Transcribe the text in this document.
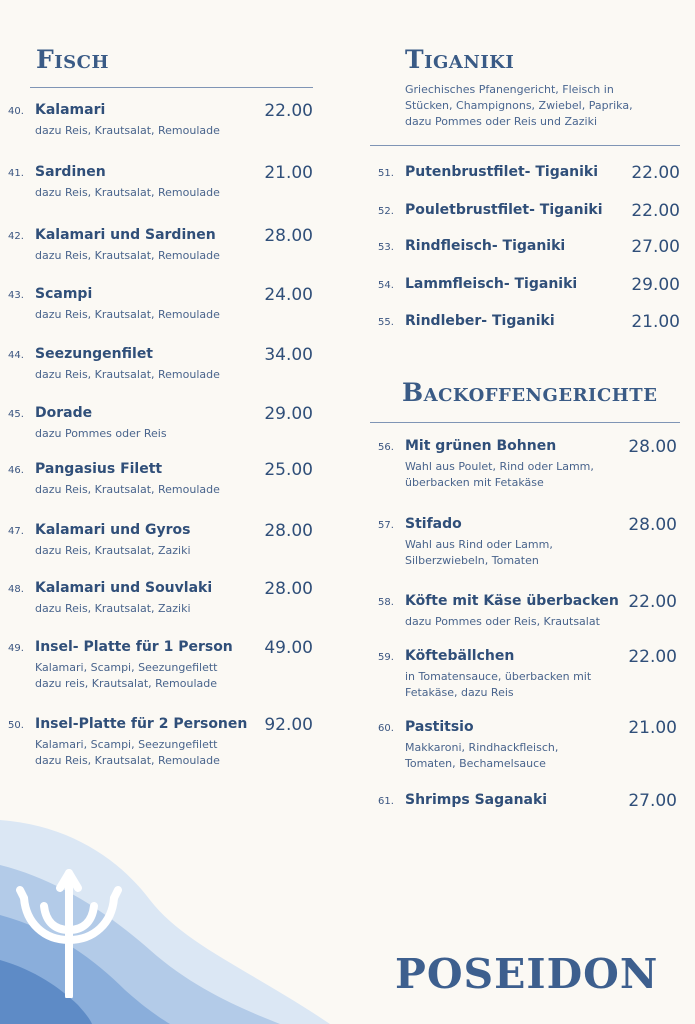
Fisch
40. Kalamari	22.00
dazu Reis, Krautsalat, Remoulade
41. Sardinen	21.00
dazu Reis, Krautsalat, Remoulade
42. Kalamari und Sardinen	28.00
dazu Reis, Krautsalat, Remoulade
43. Scampi	24.00
dazu Reis, Krautsalat, Remoulade
44. Seezungenfilet	34.00
dazu Reis, Krautsalat, Remoulade
45. Dorade	29.00
dazu Pommes oder Reis
46. Pangasius Filett	25.00
dazu Reis, Krautsalat, Remoulade
47. Kalamari und Gyros	28.00
dazu Reis, Krautsalat, Zaziki
48. Kalamari und Souvlaki	28.00
dazu Reis, Krautsalat, Zaziki
49. Insel- Platte für 1 Person 49.00
Kalamari, Scampi, Seezungefilett
dazu reis, Krautsalat, Remoulade
50. Insel-Platte für 2 Personen 92.00
Kalamari, Scampi, Seezungefilett
dazu Reis, Krautsalat, Remoulade
Tiganiki
Griechisches Pfanengericht, Fleisch in Stücken, Champignons, Zwiebel, Paprika, dazu Pommes oder Reis und Zaziki
51. Putenbrustfilet- Tiganiki 22.00
52. Pouletbrustfilet- Tiganiki 22.00
53. Rindfleisch- Tiganiki	27.00
54. Lammfleisch- Tiganiki	29.00
55. Rindleber- Tiganiki	21.00
Backoffengerichte
56. Mit grünen Bohnen	28.00
Wahl aus Poulet, Rind oder Lamm,
überbacken mit Fetakäse
57. Stifado	28.00
Wahl aus Rind oder Lamm,
Silberzwiebeln, Tomaten
58. Köfte mit Käse überbacken 22.00
dazu Pommes oder Reis, Krautsalat
59. Köftebällchen	22.00
in Tomatensauce, überbacken mit
Fetakäse, dazu Reis
60. Pastitsio	21.00
Makkaroni, Rindhackfleisch,
Tomaten, Bechamelsauce
61. Shrimps Saganaki	27.00
POSEIDON
